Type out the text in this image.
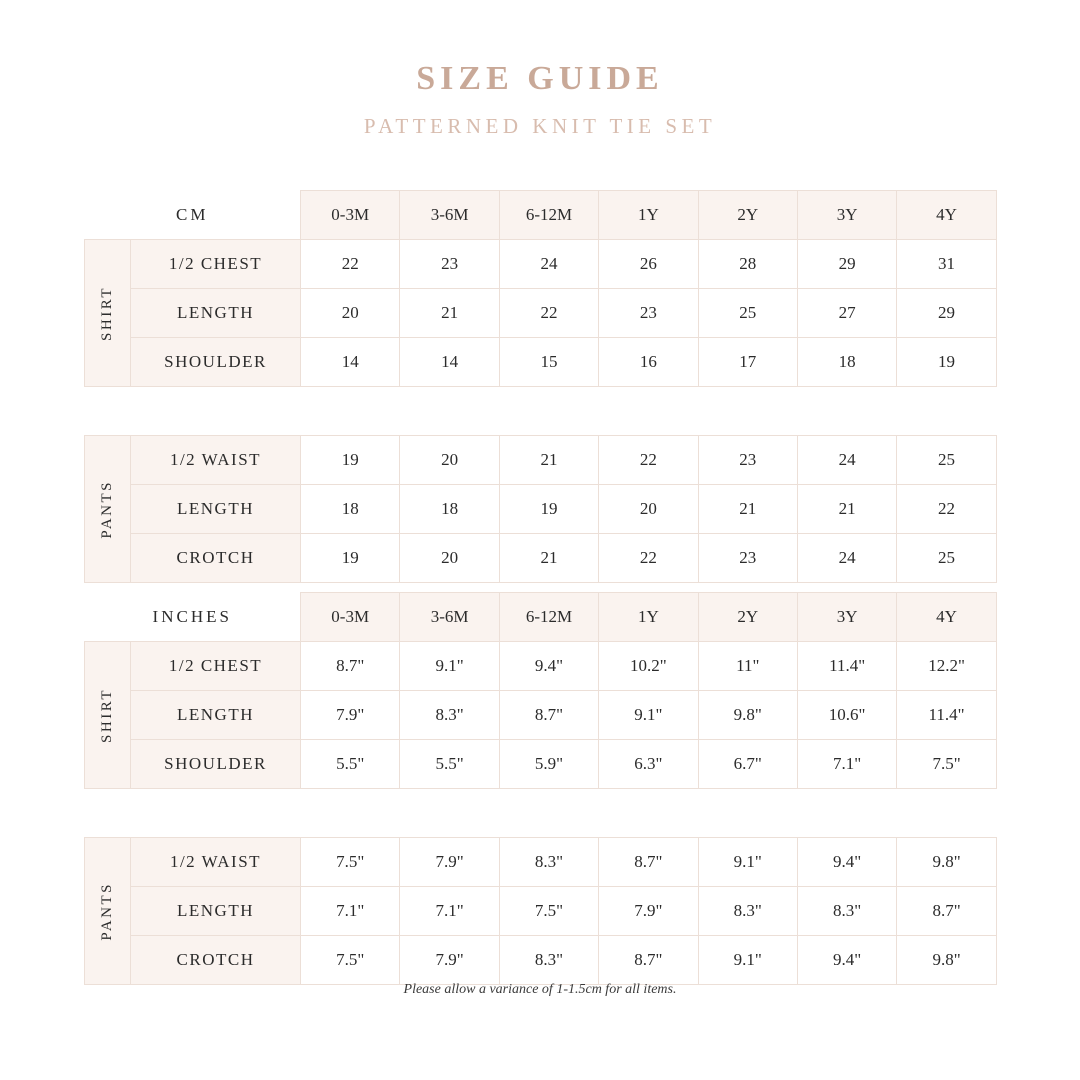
SIZE GUIDE
PATTERNED KNIT TIE SET
CM		0-3M	3-6M	6-12M	1Y	2Y	3Y	4Y

SHIRT	1/2 CHEST	22	23	24	26	28	29	31
	LENGTH	20	21	22	23	25	27	29
	SHOULDER	14	14	15	16	17	18	19

PANTS	1/2 WAIST	19	20	21	22	23	24	25
	LENGTH	18	18	19	20	21	21	22
	CROTCH	19	20	21	22	23	24	25
INCHES		0-3M	3-6M	6-12M	1Y	2Y	3Y	4Y

SHIRT	1/2 CHEST	8.7"	9.1"	9.4"	10.2"	11"	11.4"	12.2"
	LENGTH	7.9"	8.3"	8.7"	9.1"	9.8"	10.6"	11.4"
	SHOULDER	5.5"	5.5"	5.9"	6.3"	6.7"	7.1"	7.5"

PANTS	1/2 WAIST	7.5"	7.9"	8.3"	8.7"	9.1"	9.4"	9.8"
	LENGTH	7.1"	7.1"	7.5"	7.9"	8.3"	8.3"	8.7"
	CROTCH	7.5"	7.9"	8.3"	8.7"	9.1"	9.4"	9.8"
Please allow a variance of 1-1.5cm for all items.
